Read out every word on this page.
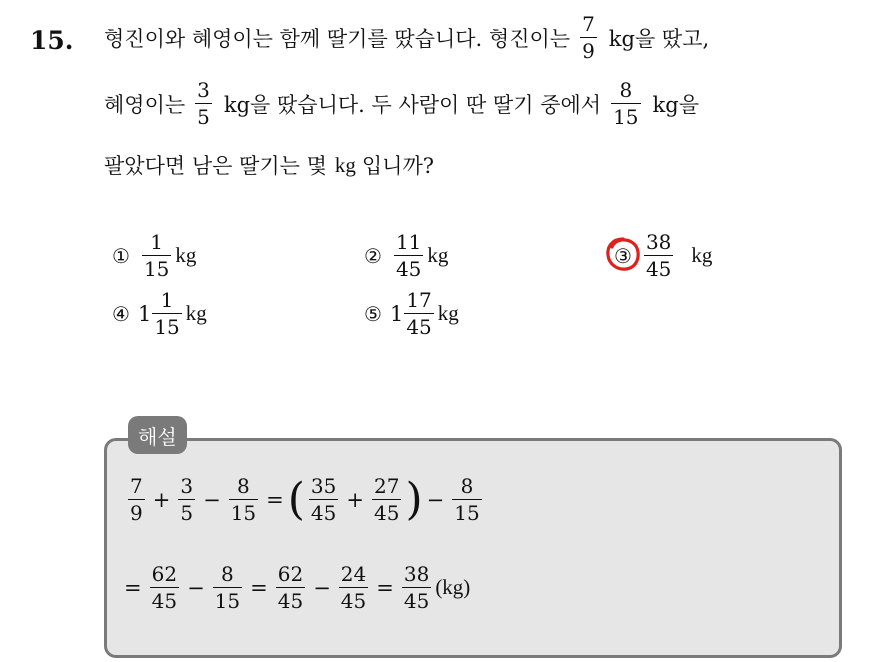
15. 형진이와 혜영이는 함께 딸기를 땄습니다. 형진이는 $\frac{7}{9}$ kg을 땄고,
혜영이는 $\frac{3}{5}$ kg을 땄습니다. 두 사람이 딴 딸기 중에서 $\frac{8}{15}$ kg을
팔았다면 남은 딸기는 몇 kg 입니까?
① $\frac{1}{15}$ kg	② $\frac{11}{45}$ kg	③ $\frac{38}{45}$ kg
④ $1 \frac{1}{15}$ kg	⑤ $1 \frac{17}{45}$ kg
해설
$\frac{7}{9} + \frac{3}{5} - \frac{8}{15}$ = ( $\frac{35}{45} + \frac{27}{45}$ ) − $\frac{8}{15}$
= $\frac{62}{45} - \frac{8}{15} = \frac{62}{45} - \frac{24}{45} = \frac{38}{45} (kg)$
